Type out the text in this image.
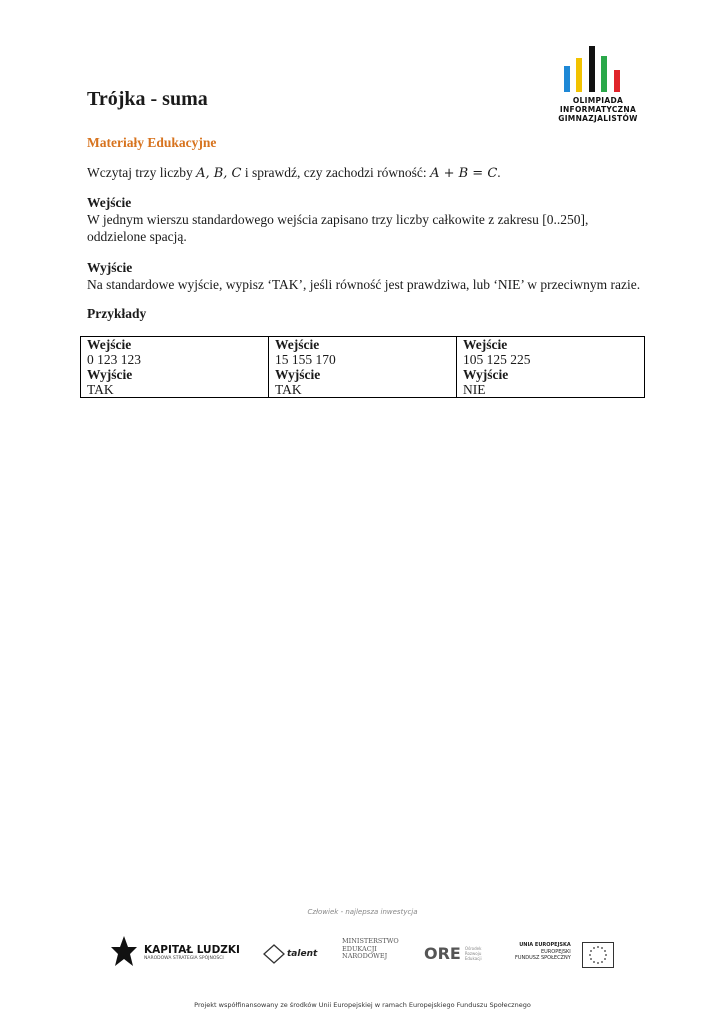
OLIMPIADA
INFORMATYCZNA
GIMNAZJALISTÓW
Trójka - suma
Materiały Edukacyjne
Wczytaj trzy liczby A, B, C i sprawdź, czy zachodzi równość: A + B = C.
Wejście
W jednym wierszu standardowego wejścia zapisano trzy liczby całkowite z zakresu [0..250], oddzielone spacją.
Wyjście
Na standardowe wyjście, wypisz ‘TAK’, jeśli równość jest prawdziwa, lub ‘NIE’ w przeciwnym razie.
Przykłady
Wejście
0 123 123
Wyjście
TAK

Wejście
15 155 170
Wyjście
TAK

Wejście
105 125 225
Wyjście
NIE
Człowiek - najlepsza inwestycja
KAPITAŁ LUDZKI
NARODOWA STRATEGIA SPÓJNOŚCI	talent
MINISTERSTWO
EDUKACJI
NARODOWEJ	ORE Ośrodek Rozwoju Edukacji
UNIA EUROPEJSKA
EUROPEJSKI
FUNDUSZ SPOŁECZNY
Projekt współfinansowany ze środków Unii Europejskiej w ramach Europejskiego Funduszu Społecznego
